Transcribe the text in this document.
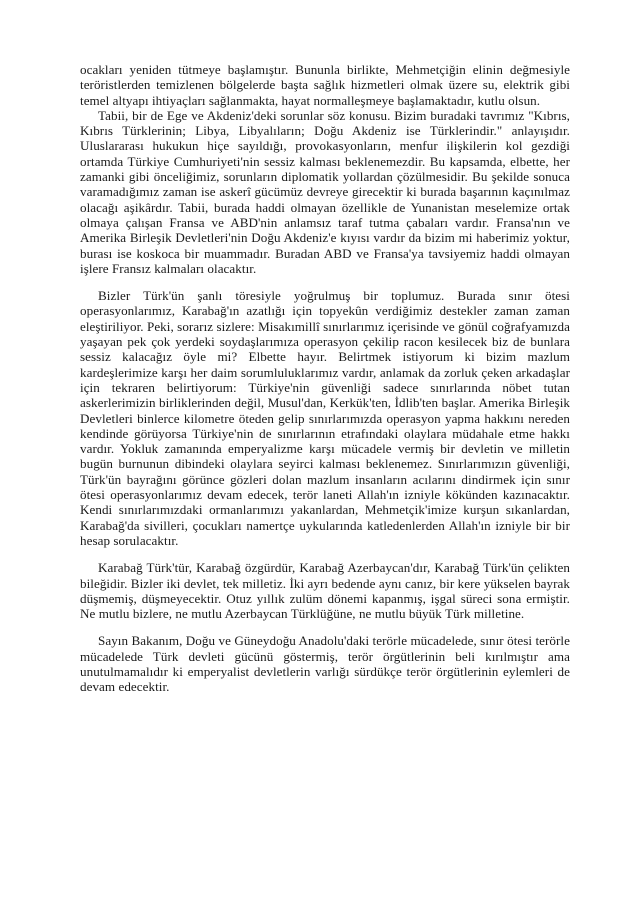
ocakları yeniden tütmeye başlamıştır. Bununla birlikte, Mehmetçiğin elinin değmesiyle teröristlerden temizlenen bölgelerde başta sağlık hizmetleri olmak üzere su, elektrik gibi temel altyapı ihtiyaçları sağlanmakta, hayat normalleşmeye başlamaktadır, kutlu olsun.

Tabii, bir de Ege ve Akdeniz'deki sorunlar söz konusu. Bizim buradaki tavrımız "Kıbrıs, Kıbrıs Türklerinin; Libya, Libyalıların; Doğu Akdeniz ise Türklerindir." anlayışıdır. Uluslararası hukukun hiçe sayıldığı, provokasyonların, menfur ilişkilerin kol gezdiği ortamda Türkiye Cumhuriyeti'nin sessiz kalması beklenemezdir. Bu kapsamda, elbette, her zamanki gibi önceliğimiz, sorunların diplomatik yollardan çözülmesidir. Bu şekilde sonuca varamadığımız zaman ise askerî gücümüz devreye girecektir ki burada başarının kaçınılmaz olacağı aşikârdır. Tabii, burada haddi olmayan özellikle de Yunanistan meselemize ortak olmaya çalışan Fransa ve ABD'nin anlamsız taraf tutma çabaları vardır. Fransa'nın ve Amerika Birleşik Devletleri'nin Doğu Akdeniz'e kıyısı vardır da bizim mi haberimiz yoktur, burası ise koskoca bir muammadır. Buradan ABD ve Fransa'ya tavsiyemiz haddi olmayan işlere Fransız kalmaları olacaktır.

Bizler Türk'ün şanlı töresiyle yoğrulmuş bir toplumuz. Burada sınır ötesi operasyonlarımız, Karabağ'ın azatlığı için topyekûn verdiğimiz destekler zaman zaman eleştiriliyor. Peki, sorarız sizlere: Misakımillî sınırlarımız içerisinde ve gönül coğrafyamızda yaşayan pek çok yerdeki soydaşlarımıza operasyon çekilip racon kesilecek biz de bunlara sessiz kalacağız öyle mi? Elbette hayır. Belirtmek istiyorum ki bizim mazlum kardeşlerimize karşı her daim sorumluluklarımız vardır, anlamak da zorluk çeken arkadaşlar için tekraren belirtiyorum: Türkiye'nin güvenliği sadece sınırlarında nöbet tutan askerlerimizin birliklerinden değil, Musul'dan, Kerkük'ten, İdlib'ten başlar. Amerika Birleşik Devletleri binlerce kilometre öteden gelip sınırlarımızda operasyon yapma hakkını nereden kendinde görüyorsa Türkiye'nin de sınırlarının etrafındaki olaylara müdahale etme hakkı vardır. Yokluk zamanında emperyalizme karşı mücadele vermiş bir devletin ve milletin bugün burnunun dibindeki olaylara seyirci kalması beklenemez. Sınırlarımızın güvenliği, Türk'ün bayrağını görünce gözleri dolan mazlum insanların acılarını dindirmek için sınır ötesi operasyonlarımız devam edecek, terör laneti Allah'ın izniyle kökünden kazınacaktır. Kendi sınırlarımızdaki ormanlarımızı yakanlardan, Mehmetçik'imize kurşun sıkanlardan, Karabağ'da sivilleri, çocukları namertçe uykularında katledenlerden Allah'ın izniyle bir bir hesap sorulacaktır.

Karabağ Türk'tür, Karabağ özgürdür, Karabağ Azerbaycan'dır, Karabağ Türk'ün çelikten bileğidir. Bizler iki devlet, tek milletiz. İki ayrı bedende aynı canız, bir kere yükselen bayrak düşmemiş, düşmeyecektir. Otuz yıllık zulüm dönemi kapanmış, işgal süreci sona ermiştir. Ne mutlu bizlere, ne mutlu Azerbaycan Türklüğüne, ne mutlu büyük Türk milletine.

Sayın Bakanım, Doğu ve Güneydoğu Anadolu'daki terörle mücadelede, sınır ötesi terörle mücadelede Türk devleti gücünü göstermiş, terör örgütlerinin beli kırılmıştır ama unutulmamalıdır ki emperyalist devletlerin varlığı sürdükçe terör örgütlerinin eylemleri de devam edecektir.
